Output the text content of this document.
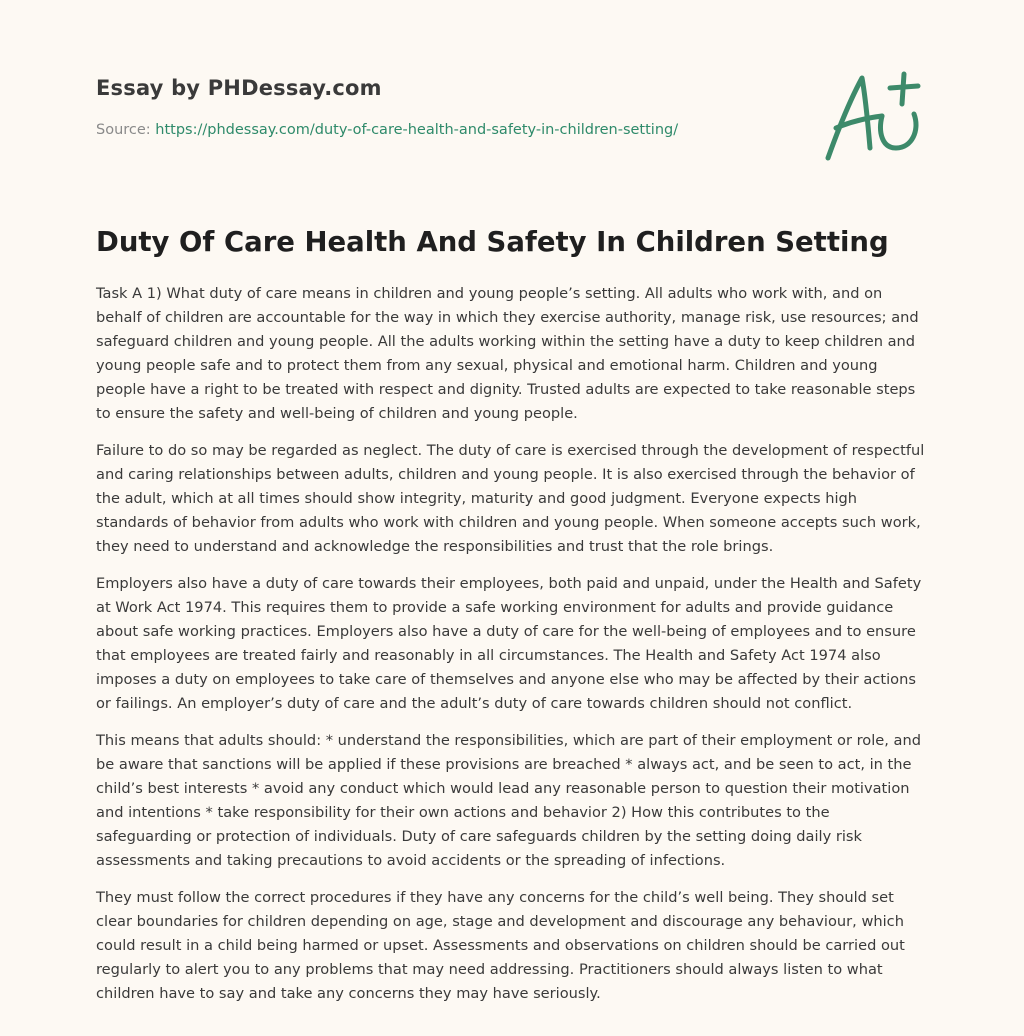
Essay by PHDessay.com
Source: https://phdessay.com/duty-of-care-health-and-safety-in-children-setting/
Duty Of Care Health And Safety In Children Setting

Task A 1) What duty of care means in children and young people’s setting. All adults who work with, and on behalf of children are accountable for the way in which they exercise authority, manage risk, use resources; and safeguard children and young people. All the adults working within the setting have a duty to keep children and young people safe and to protect them from any sexual, physical and emotional harm. Children and young people have a right to be treated with respect and dignity. Trusted adults are expected to take reasonable steps to ensure the safety and well-being of children and young people.

Failure to do so may be regarded as neglect. The duty of care is exercised through the development of respectful and caring relationships between adults, children and young people. It is also exercised through the behavior of the adult, which at all times should show integrity, maturity and good judgment. Everyone expects high standards of behavior from adults who work with children and young people. When someone accepts such work, they need to understand and acknowledge the responsibilities and trust that the role brings.

Employers also have a duty of care towards their employees, both paid and unpaid, under the Health and Safety at Work Act 1974. This requires them to provide a safe working environment for adults and provide guidance about safe working practices. Employers also have a duty of care for the well-being of employees and to ensure that employees are treated fairly and reasonably in all circumstances. The Health and Safety Act 1974 also imposes a duty on employees to take care of themselves and anyone else who may be affected by their actions or failings. An employer’s duty of care and the adult’s duty of care towards children should not conflict.

This means that adults should: * understand the responsibilities, which are part of their employment or role, and be aware that sanctions will be applied if these provisions are breached * always act, and be seen to act, in the child’s best interests * avoid any conduct which would lead any reasonable person to question their motivation and intentions * take responsibility for their own actions and behavior 2) How this contributes to the safeguarding or protection of individuals. Duty of care safeguards children by the setting doing daily risk assessments and taking precautions to avoid accidents or the spreading of infections.

They must follow the correct procedures if they have any concerns for the child’s well being. They should set clear boundaries for children depending on age, stage and development and discourage any behaviour, which could result in a child being harmed or upset. Assessments and observations on children should be carried out regularly to alert you to any problems that may need addressing. Practitioners should always listen to what children have to say and take any concerns they may have seriously.
